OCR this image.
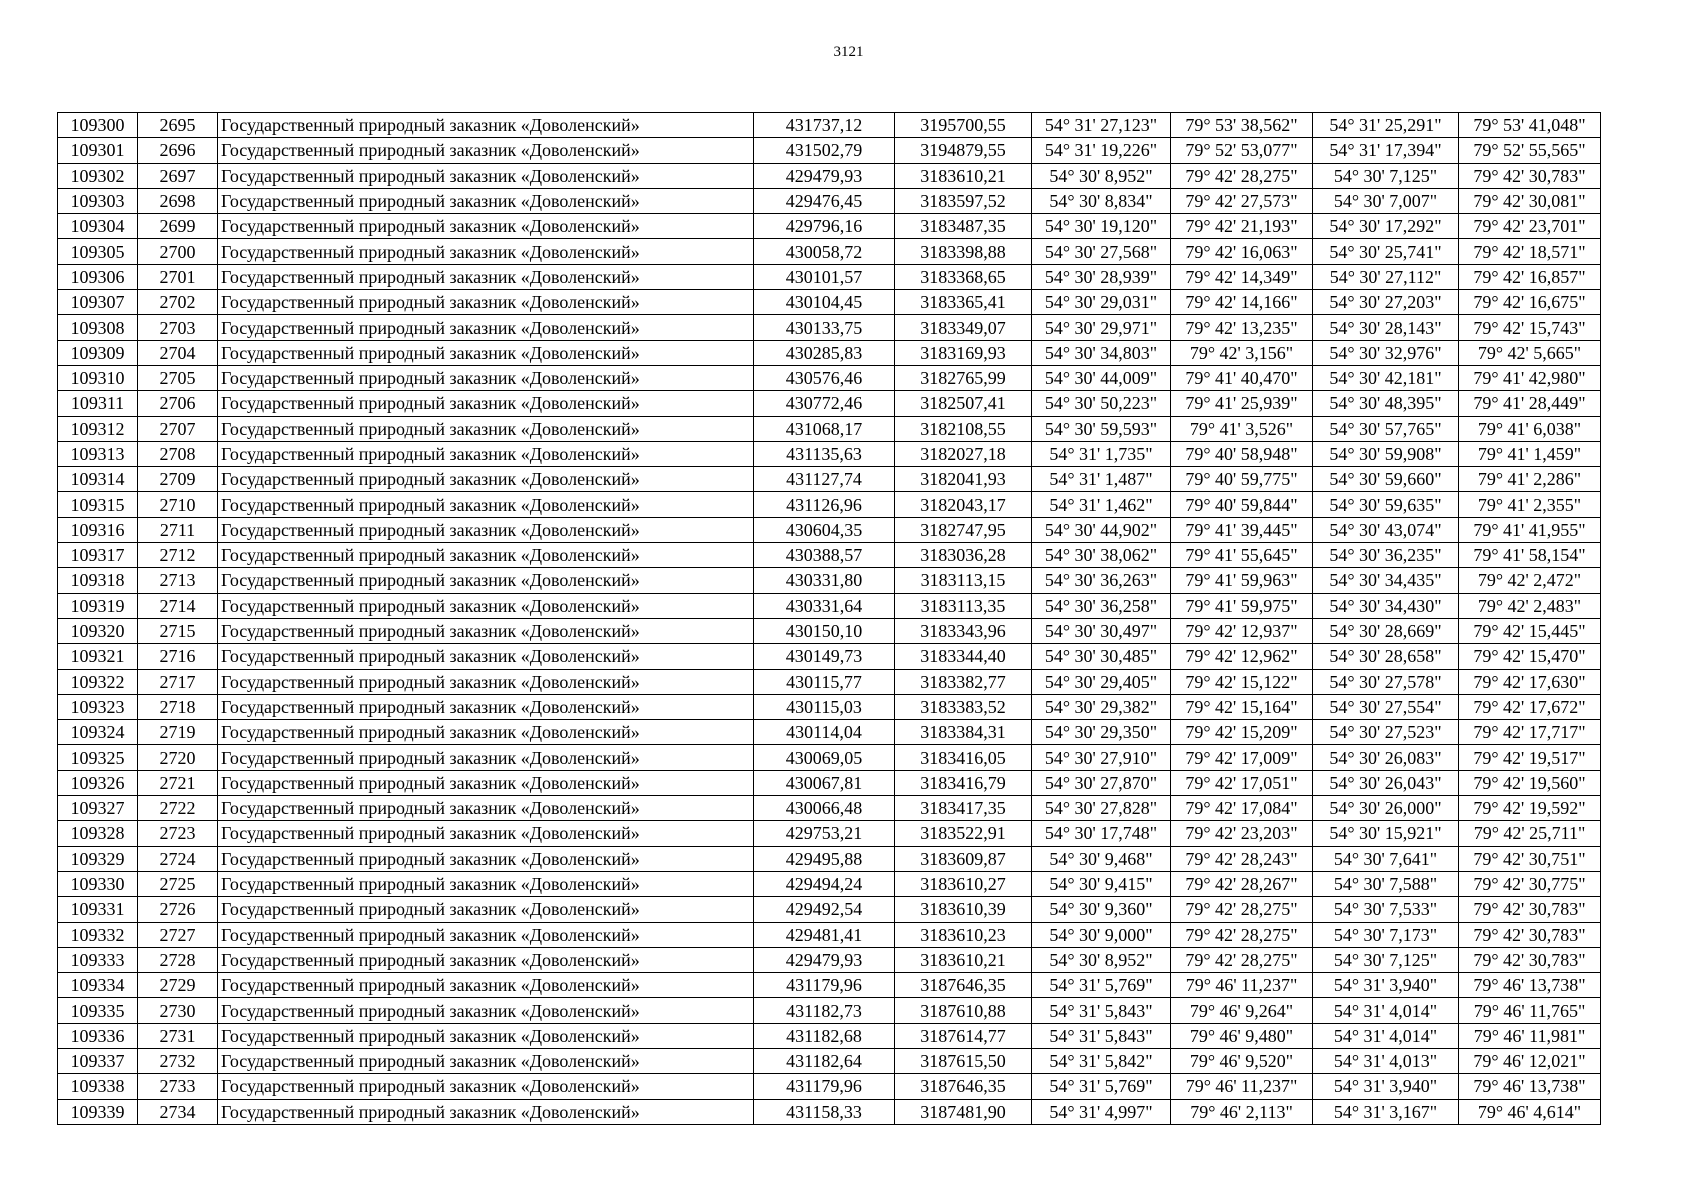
3121
109300	2695	Государственный природный заказник «Доволенский»	431737,12	3195700,55	54° 31' 27,123"	79° 53' 38,562"	54° 31' 25,291"	79° 53' 41,048"
109301	2696	Государственный природный заказник «Доволенский»	431502,79	3194879,55	54° 31' 19,226"	79° 52' 53,077"	54° 31' 17,394"	79° 52' 55,565"
109302	2697	Государственный природный заказник «Доволенский»	429479,93	3183610,21	54° 30' 8,952"	79° 42' 28,275"	54° 30' 7,125"	79° 42' 30,783"
109303	2698	Государственный природный заказник «Доволенский»	429476,45	3183597,52	54° 30' 8,834"	79° 42' 27,573"	54° 30' 7,007"	79° 42' 30,081"
109304	2699	Государственный природный заказник «Доволенский»	429796,16	3183487,35	54° 30' 19,120"	79° 42' 21,193"	54° 30' 17,292"	79° 42' 23,701"
109305	2700	Государственный природный заказник «Доволенский»	430058,72	3183398,88	54° 30' 27,568"	79° 42' 16,063"	54° 30' 25,741"	79° 42' 18,571"
109306	2701	Государственный природный заказник «Доволенский»	430101,57	3183368,65	54° 30' 28,939"	79° 42' 14,349"	54° 30' 27,112"	79° 42' 16,857"
109307	2702	Государственный природный заказник «Доволенский»	430104,45	3183365,41	54° 30' 29,031"	79° 42' 14,166"	54° 30' 27,203"	79° 42' 16,675"
109308	2703	Государственный природный заказник «Доволенский»	430133,75	3183349,07	54° 30' 29,971"	79° 42' 13,235"	54° 30' 28,143"	79° 42' 15,743"
109309	2704	Государственный природный заказник «Доволенский»	430285,83	3183169,93	54° 30' 34,803"	79° 42' 3,156"	54° 30' 32,976"	79° 42' 5,665"
109310	2705	Государственный природный заказник «Доволенский»	430576,46	3182765,99	54° 30' 44,009"	79° 41' 40,470"	54° 30' 42,181"	79° 41' 42,980"
109311	2706	Государственный природный заказник «Доволенский»	430772,46	3182507,41	54° 30' 50,223"	79° 41' 25,939"	54° 30' 48,395"	79° 41' 28,449"
109312	2707	Государственный природный заказник «Доволенский»	431068,17	3182108,55	54° 30' 59,593"	79° 41' 3,526"	54° 30' 57,765"	79° 41' 6,038"
109313	2708	Государственный природный заказник «Доволенский»	431135,63	3182027,18	54° 31' 1,735"	79° 40' 58,948"	54° 30' 59,908"	79° 41' 1,459"
109314	2709	Государственный природный заказник «Доволенский»	431127,74	3182041,93	54° 31' 1,487"	79° 40' 59,775"	54° 30' 59,660"	79° 41' 2,286"
109315	2710	Государственный природный заказник «Доволенский»	431126,96	3182043,17	54° 31' 1,462"	79° 40' 59,844"	54° 30' 59,635"	79° 41' 2,355"
109316	2711	Государственный природный заказник «Доволенский»	430604,35	3182747,95	54° 30' 44,902"	79° 41' 39,445"	54° 30' 43,074"	79° 41' 41,955"
109317	2712	Государственный природный заказник «Доволенский»	430388,57	3183036,28	54° 30' 38,062"	79° 41' 55,645"	54° 30' 36,235"	79° 41' 58,154"
109318	2713	Государственный природный заказник «Доволенский»	430331,80	3183113,15	54° 30' 36,263"	79° 41' 59,963"	54° 30' 34,435"	79° 42' 2,472"
109319	2714	Государственный природный заказник «Доволенский»	430331,64	3183113,35	54° 30' 36,258"	79° 41' 59,975"	54° 30' 34,430"	79° 42' 2,483"
109320	2715	Государственный природный заказник «Доволенский»	430150,10	3183343,96	54° 30' 30,497"	79° 42' 12,937"	54° 30' 28,669"	79° 42' 15,445"
109321	2716	Государственный природный заказник «Доволенский»	430149,73	3183344,40	54° 30' 30,485"	79° 42' 12,962"	54° 30' 28,658"	79° 42' 15,470"
109322	2717	Государственный природный заказник «Доволенский»	430115,77	3183382,77	54° 30' 29,405"	79° 42' 15,122"	54° 30' 27,578"	79° 42' 17,630"
109323	2718	Государственный природный заказник «Доволенский»	430115,03	3183383,52	54° 30' 29,382"	79° 42' 15,164"	54° 30' 27,554"	79° 42' 17,672"
109324	2719	Государственный природный заказник «Доволенский»	430114,04	3183384,31	54° 30' 29,350"	79° 42' 15,209"	54° 30' 27,523"	79° 42' 17,717"
109325	2720	Государственный природный заказник «Доволенский»	430069,05	3183416,05	54° 30' 27,910"	79° 42' 17,009"	54° 30' 26,083"	79° 42' 19,517"
109326	2721	Государственный природный заказник «Доволенский»	430067,81	3183416,79	54° 30' 27,870"	79° 42' 17,051"	54° 30' 26,043"	79° 42' 19,560"
109327	2722	Государственный природный заказник «Доволенский»	430066,48	3183417,35	54° 30' 27,828"	79° 42' 17,084"	54° 30' 26,000"	79° 42' 19,592"
109328	2723	Государственный природный заказник «Доволенский»	429753,21	3183522,91	54° 30' 17,748"	79° 42' 23,203"	54° 30' 15,921"	79° 42' 25,711"
109329	2724	Государственный природный заказник «Доволенский»	429495,88	3183609,87	54° 30' 9,468"	79° 42' 28,243"	54° 30' 7,641"	79° 42' 30,751"
109330	2725	Государственный природный заказник «Доволенский»	429494,24	3183610,27	54° 30' 9,415"	79° 42' 28,267"	54° 30' 7,588"	79° 42' 30,775"
109331	2726	Государственный природный заказник «Доволенский»	429492,54	3183610,39	54° 30' 9,360"	79° 42' 28,275"	54° 30' 7,533"	79° 42' 30,783"
109332	2727	Государственный природный заказник «Доволенский»	429481,41	3183610,23	54° 30' 9,000"	79° 42' 28,275"	54° 30' 7,173"	79° 42' 30,783"
109333	2728	Государственный природный заказник «Доволенский»	429479,93	3183610,21	54° 30' 8,952"	79° 42' 28,275"	54° 30' 7,125"	79° 42' 30,783"
109334	2729	Государственный природный заказник «Доволенский»	431179,96	3187646,35	54° 31' 5,769"	79° 46' 11,237"	54° 31' 3,940"	79° 46' 13,738"
109335	2730	Государственный природный заказник «Доволенский»	431182,73	3187610,88	54° 31' 5,843"	79° 46' 9,264"	54° 31' 4,014"	79° 46' 11,765"
109336	2731	Государственный природный заказник «Доволенский»	431182,68	3187614,77	54° 31' 5,843"	79° 46' 9,480"	54° 31' 4,014"	79° 46' 11,981"
109337	2732	Государственный природный заказник «Доволенский»	431182,64	3187615,50	54° 31' 5,842"	79° 46' 9,520"	54° 31' 4,013"	79° 46' 12,021"
109338	2733	Государственный природный заказник «Доволенский»	431179,96	3187646,35	54° 31' 5,769"	79° 46' 11,237"	54° 31' 3,940"	79° 46' 13,738"
109339	2734	Государственный природный заказник «Доволенский»	431158,33	3187481,90	54° 31' 4,997"	79° 46' 2,113"	54° 31' 3,167"	79° 46' 4,614"
